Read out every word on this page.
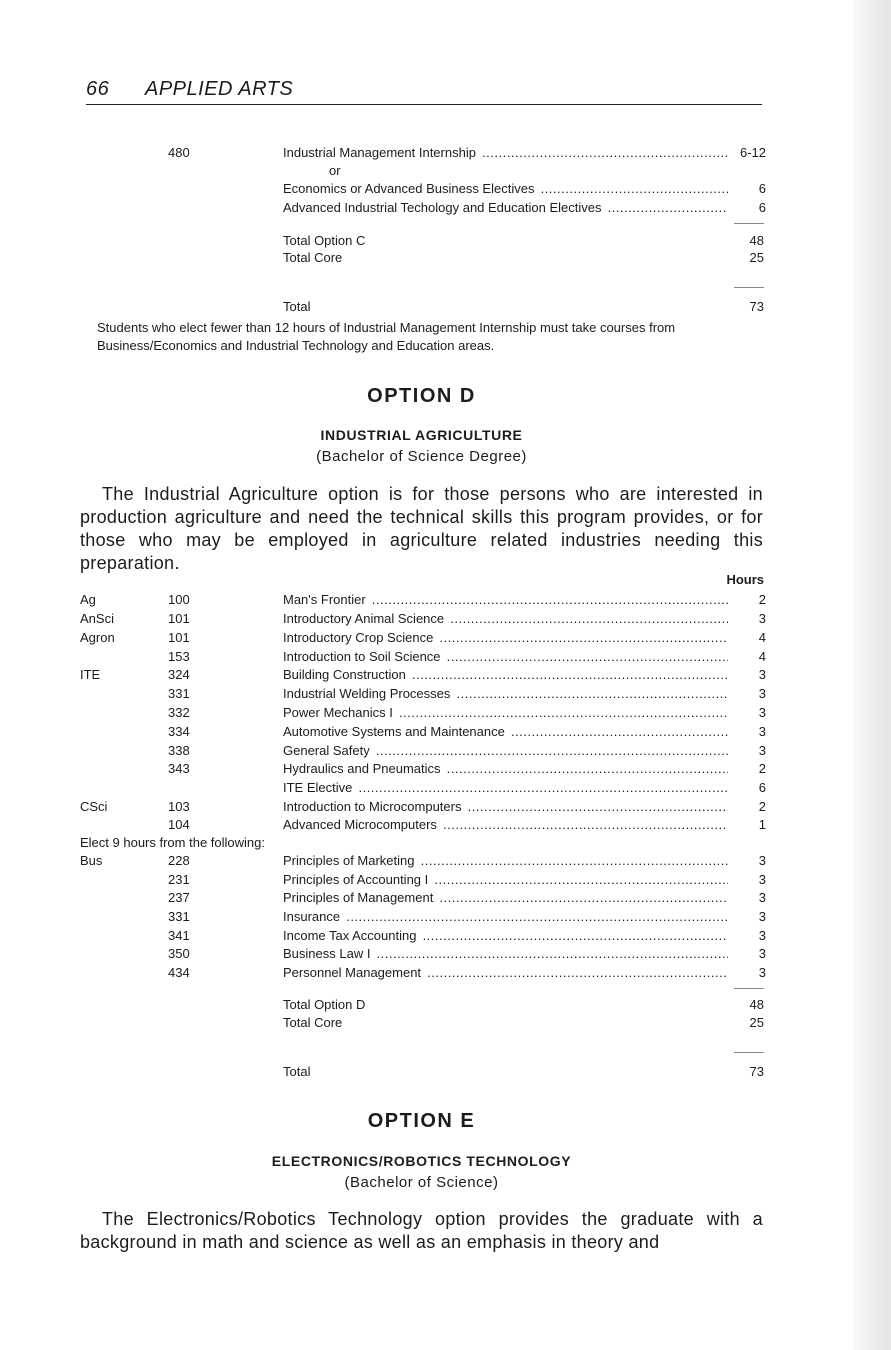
66 APPLIED ARTS
480	Industrial Management Internship .....	6-12
or
Economics or Advanced Business Electives .....	6
Advanced Industrial Techology and Education Electives .....	6
Total Option C	48
Total Core	25
Total	73
Students who elect fewer than 12 hours of Industrial Management Internship must take courses from Business/Economics and Industrial Technology and Education areas.
OPTION D
INDUSTRIAL AGRICULTURE
(Bachelor of Science Degree)
The Industrial Agriculture option is for those persons who are interested in production agriculture and need the technical skills this program provides, or for those who may be employed in agriculture related industries needing this preparation.
Hours
Ag	100	Man's Frontier .....	2
AnSci	101	Introductory Animal Science .....	3
Agron	101	Introductory Crop Science .....	4
153	Introduction to Soil Science .....	4
ITE	324	Building Construction .....	3
331	Industrial Welding Processes .....	3
332	Power Mechanics I .....	3
334	Automotive Systems and Maintenance .....	3
338	General Safety .....	3
343	Hydraulics and Pneumatics .....	2
ITE Elective .....	6
CSci	103	Introduction to Microcomputers .....	2
104	Advanced Microcomputers .....	1
Elect 9 hours from the following:
Bus	228	Principles of Marketing .....	3
231	Principles of Accounting I .....	3
237	Principles of Management .....	3
331	Insurance .....	3
341	Income Tax Accounting .....	3
350	Business Law I .....	3
434	Personnel Management .....	3
Total Option D	48
Total Core	25
Total	73
OPTION E
ELECTRONICS/ROBOTICS TECHNOLOGY
(Bachelor of Science)
The Electronics/Robotics Technology option provides the graduate with a background in math and science as well as an emphasis in theory and
